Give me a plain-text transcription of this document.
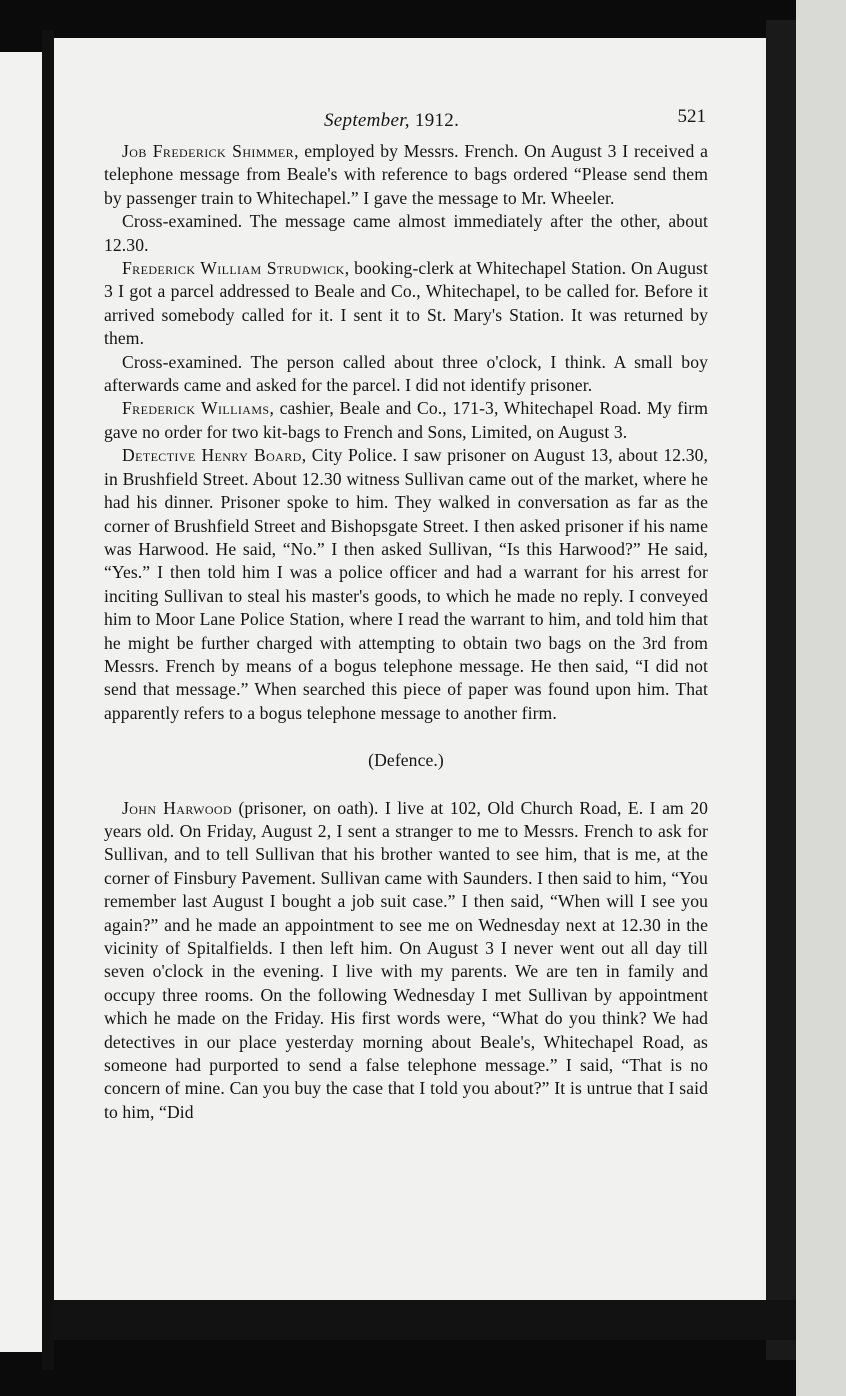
September, 1912.	521

Job Frederick Shimmer, employed by Messrs. French. On August 3 I received a telephone message from Beale's with reference to bags ordered “Please send them by passenger train to Whitechapel.” I gave the message to Mr. Wheeler.

Cross-examined. The message came almost immediately after the other, about 12.30.

Frederick William Strudwick, booking-clerk at Whitechapel Station. On August 3 I got a parcel addressed to Beale and Co., Whitechapel, to be called for. Before it arrived somebody called for it. I sent it to St. Mary's Station. It was returned by them.

Cross-examined. The person called about three o'clock, I think. A small boy afterwards came and asked for the parcel. I did not identify prisoner.

Frederick Williams, cashier, Beale and Co., 171-3, Whitechapel Road. My firm gave no order for two kit-bags to French and Sons, Limited, on August 3.

Detective Henry Board, City Police. I saw prisoner on August 13, about 12.30, in Brushfield Street. About 12.30 witness Sullivan came out of the market, where he had his dinner. Prisoner spoke to him. They walked in conversation as far as the corner of Brushfield Street and Bishopsgate Street. I then asked prisoner if his name was Harwood. He said, “No.” I then asked Sullivan, “Is this Harwood?” He said, “Yes.” I then told him I was a police officer and had a warrant for his arrest for inciting Sullivan to steal his master's goods, to which he made no reply. I conveyed him to Moor Lane Police Station, where I read the warrant to him, and told him that he might be further charged with attempting to obtain two bags on the 3rd from Messrs. French by means of a bogus telephone message. He then said, “I did not send that message.” When searched this piece of paper was found upon him. That apparently refers to a bogus telephone message to another firm.

(Defence.)

John Harwood (prisoner, on oath). I live at 102, Old Church Road, E. I am 20 years old. On Friday, August 2, I sent a stranger to me to Messrs. French to ask for Sullivan, and to tell Sullivan that his brother wanted to see him, that is me, at the corner of Finsbury Pavement. Sullivan came with Saunders. I then said to him, “You remember last August I bought a job suit case.” I then said, “When will I see you again?” and he made an appointment to see me on Wednesday next at 12.30 in the vicinity of Spitalfields. I then left him. On August 3 I never went out all day till seven o'clock in the evening. I live with my parents. We are ten in family and occupy three rooms. On the following Wednesday I met Sullivan by appointment which he made on the Friday. His first words were, “What do you think? We had detectives in our place yesterday morning about Beale's, Whitechapel Road, as someone had purported to send a false telephone message.” I said, “That is no concern of mine. Can you buy the case that I told you about?” It is untrue that I said to him, “Did
